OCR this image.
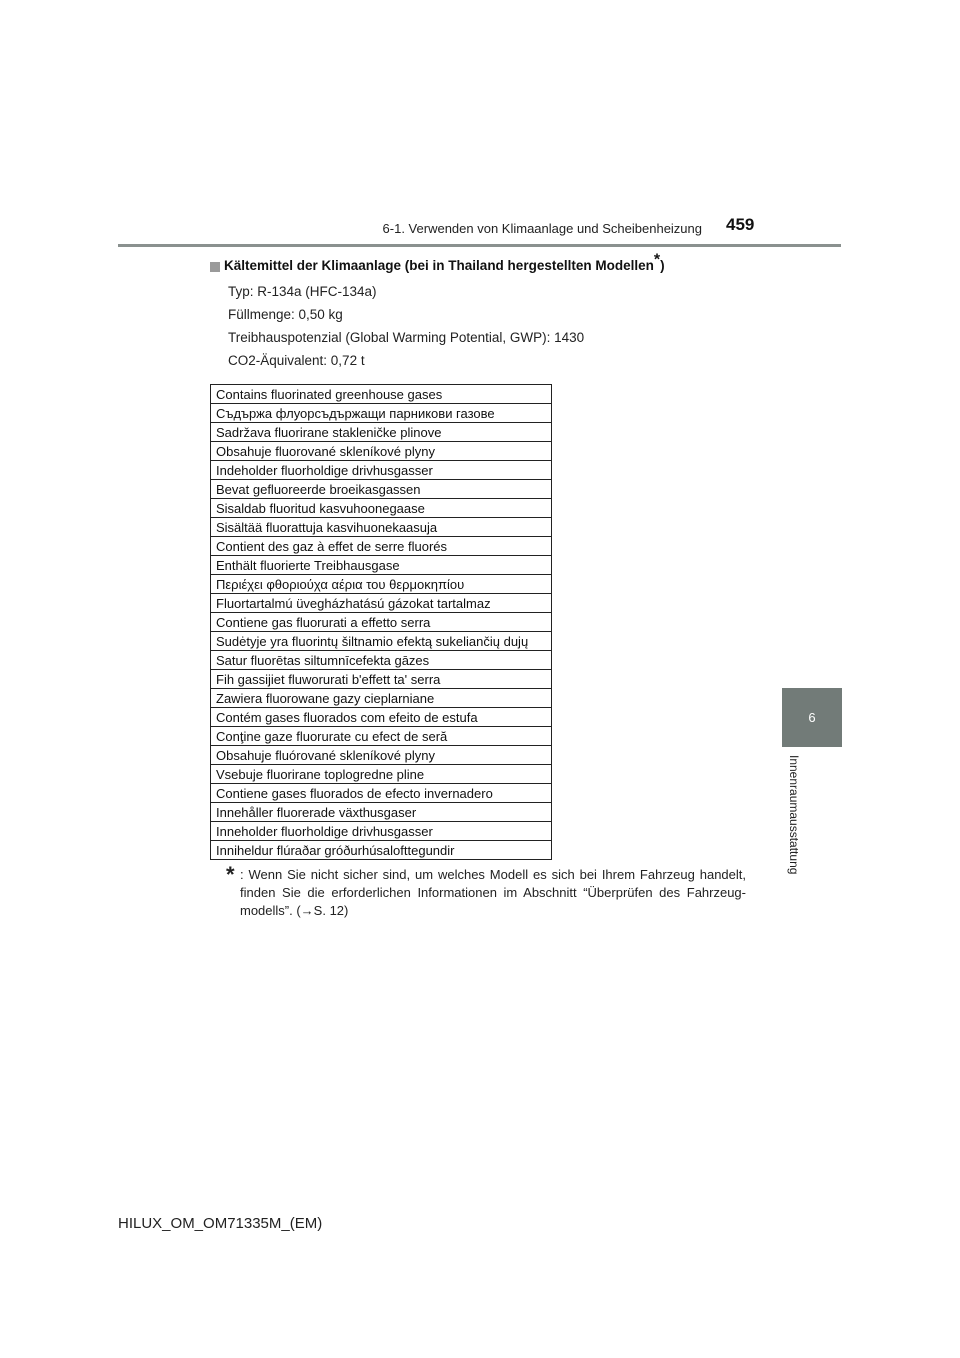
6-1. Verwenden von Klimaanlage und Scheibenheizung 459
6
Innenraumausstattung
Kältemittel der Klimaanlage (bei in Thailand hergestellten Modellen*)
Typ: R-134a (HFC-134a)
Füllmenge: 0,50 kg
Treibhauspotenzial (Global Warming Potential, GWP): 1430
CO2-Äquivalent: 0,72 t
Contains fluorinated greenhouse gases
Съдържа флуорсъдържащи парникови газове
Sadržava fluorirane stakleničke plinove
Obsahuje fluorované skleníkové plyny
Indeholder fluorholdige drivhusgasser
Bevat gefluoreerde broeikasgassen
Sisaldab fluoritud kasvuhoonegaase
Sisältää fluorattuja kasvihuonekaasuja
Contient des gaz à effet de serre fluorés
Enthält fluorierte Treibhausgase
Περιέχει φθοριούχα αέρια του θερμοκηπίου
Fluortartalmú üvegházhatású gázokat tartalmaz
Contiene gas fluorurati a effetto serra
Sudėtyje yra fluorintų šiltnamio efektą sukeliančių dujų
Satur fluorētas siltumnīcefekta gāzes
Fih gassijiet fluworurati b'effett ta' serra
Zawiera fluorowane gazy cieplarniane
Contém gases fluorados com efeito de estufa
Conţine gaze fluorurate cu efect de seră
Obsahuje fluórované skleníkové plyny
Vsebuje fluorirane toplogredne pline
Contiene gases fluorados de efecto invernadero
Innehåller fluorerade växthusgaser
Inneholder fluorholdige drivhusgasser
Inniheldur flúraðar gróðurhúsalofttegundir
* : Wenn Sie nicht sicher sind, um welches Modell es sich bei Ihrem Fahrzeug handelt, finden Sie die erforderlichen Informationen im Abschnitt “Überprüfen des Fahrzeug-modells”. (→S. 12)
HILUX_OM_OM71335M_(EM)
